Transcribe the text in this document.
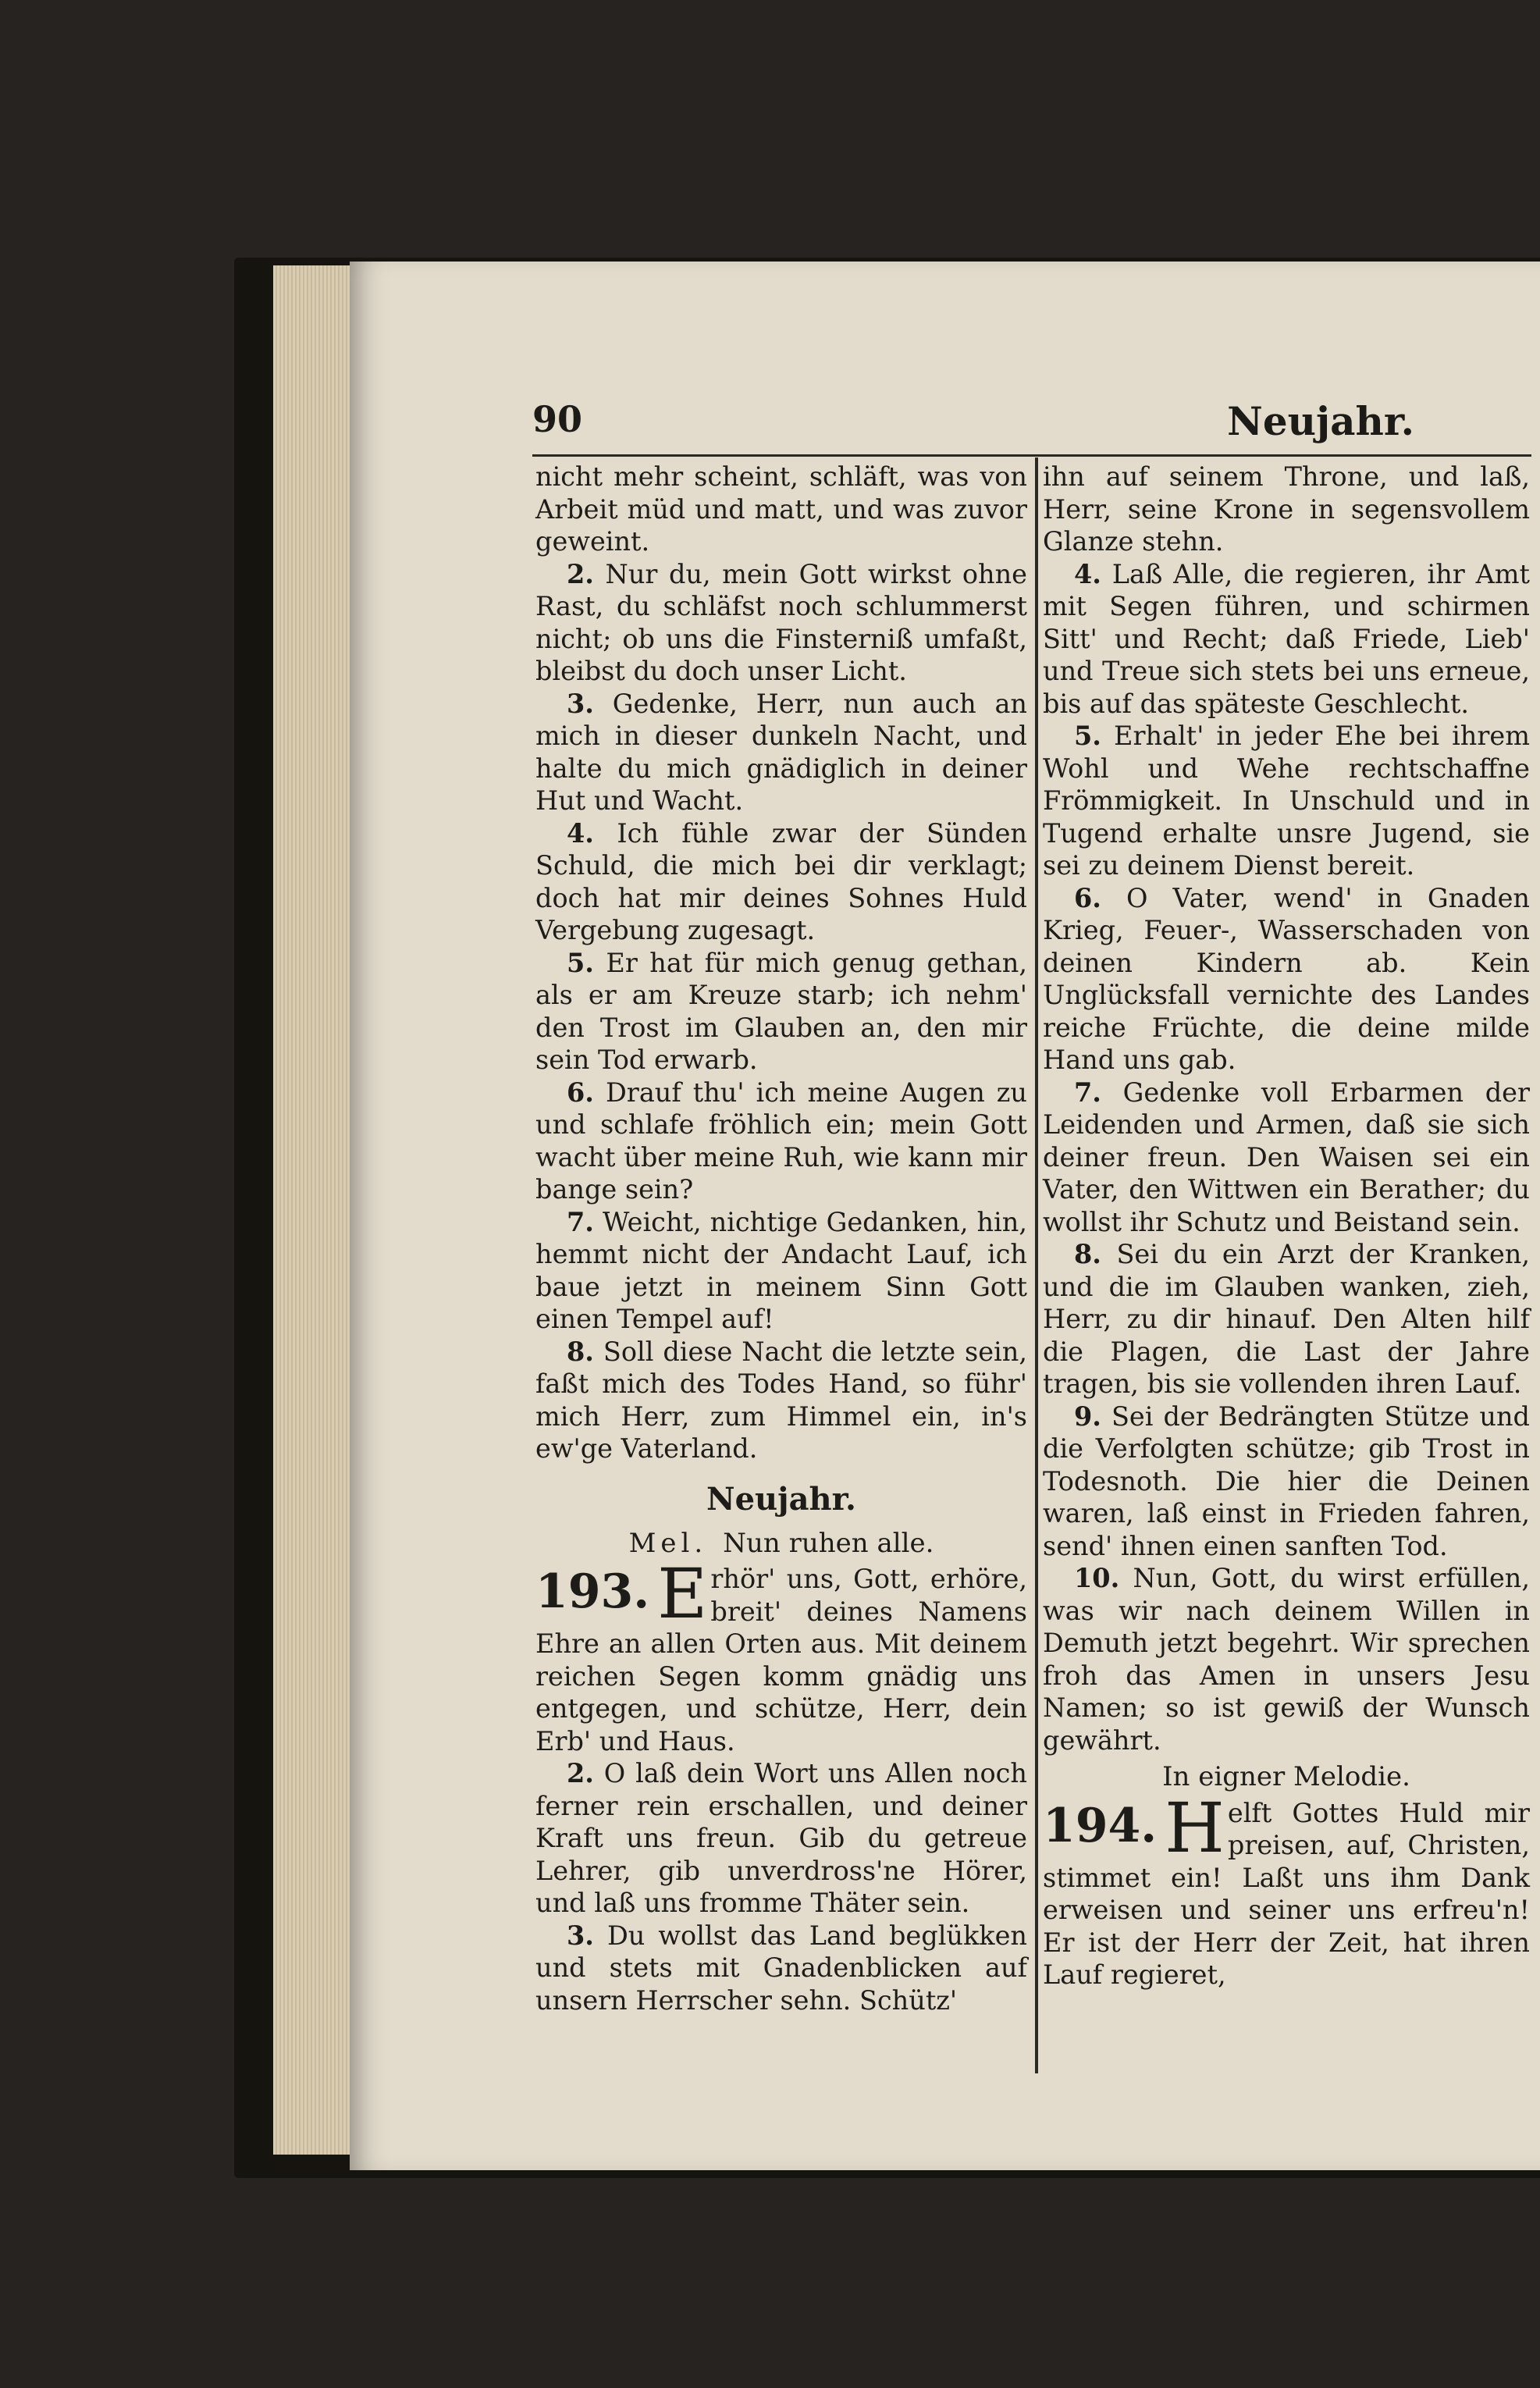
90	Neujahr.

nicht mehr scheint, schläft, was von Arbeit müd und matt, und was zuvor geweint.

2. Nur du, mein Gott wirkst ohne Rast, du schläfst noch schlummerst nicht; ob uns die Finsterniß umfaßt, bleibst du doch unser Licht.

3. Gedenke, Herr, nun auch an mich in dieser dunkeln Nacht, und halte du mich gnädiglich in deiner Hut und Wacht.

4. Ich fühle zwar der Sünden Schuld, die mich bei dir verklagt; doch hat mir deines Sohnes Huld Vergebung zugesagt.

5. Er hat für mich genug gethan, als er am Kreuze starb; ich nehm' den Trost im Glauben an, den mir sein Tod erwarb.

6. Drauf thu' ich meine Augen zu und schlafe fröhlich ein; mein Gott wacht über meine Ruh, wie kann mir bange sein?

7. Weicht, nichtige Gedanken, hin, hemmt nicht der Andacht Lauf, ich baue jetzt in meinem Sinn Gott einen Tempel auf!

8. Soll diese Nacht die letzte sein, faßt mich des Todes Hand, so führ' mich Herr, zum Himmel ein, in's ew'ge Vaterland.

Neujahr.
Mel. Nun ruhen alle.

193. E rhör' uns, Gott, erhöre, breit' deines Namens Ehre an allen Orten aus. Mit deinem reichen Segen komm gnädig uns entgegen, und schütze, Herr, dein Erb' und Haus.

2. O laß dein Wort uns Allen noch ferner rein erschallen, und deiner Kraft uns freun. Gib du getreue Lehrer, gib unverdross'ne Hörer, und laß uns fromme Thäter sein.

3. Du wollst das Land beglükken und stets mit Gnadenblicken auf unsern Herrscher sehn. Schütz'

ihn auf seinem Throne, und laß, Herr, seine Krone in segensvollem Glanze stehn.

4. Laß Alle, die regieren, ihr Amt mit Segen führen, und schirmen Sitt' und Recht; daß Friede, Lieb' und Treue sich stets bei uns erneue, bis auf das späteste Geschlecht.

5. Erhalt' in jeder Ehe bei ihrem Wohl und Wehe rechtschaffne Frömmigkeit. In Unschuld und in Tugend erhalte unsre Jugend, sie sei zu deinem Dienst bereit.

6. O Vater, wend' in Gnaden Krieg, Feuer-, Wasserschaden von deinen Kindern ab. Kein Unglücksfall vernichte des Landes reiche Früchte, die deine milde Hand uns gab.

7. Gedenke voll Erbarmen der Leidenden und Armen, daß sie sich deiner freun. Den Waisen sei ein Vater, den Wittwen ein Berather; du wollst ihr Schutz und Beistand sein.

8. Sei du ein Arzt der Kranken, und die im Glauben wanken, zieh, Herr, zu dir hinauf. Den Alten hilf die Plagen, die Last der Jahre tragen, bis sie vollenden ihren Lauf.

9. Sei der Bedrängten Stütze und die Verfolgten schütze; gib Trost in Todesnoth. Die hier die Deinen waren, laß einst in Frieden fahren, send' ihnen einen sanften Tod.

10. Nun, Gott, du wirst erfüllen, was wir nach deinem Willen in Demuth jetzt begehrt. Wir sprechen froh das Amen in unsers Jesu Namen; so ist gewiß der Wunsch gewährt.

In eigner Melodie.

194. H elft Gottes Huld mir preisen, auf, Christen, stimmet ein! Laßt uns ihm Dank erweisen und seiner uns erfreu'n! Er ist der Herr der Zeit, hat ihren Lauf regieret,
